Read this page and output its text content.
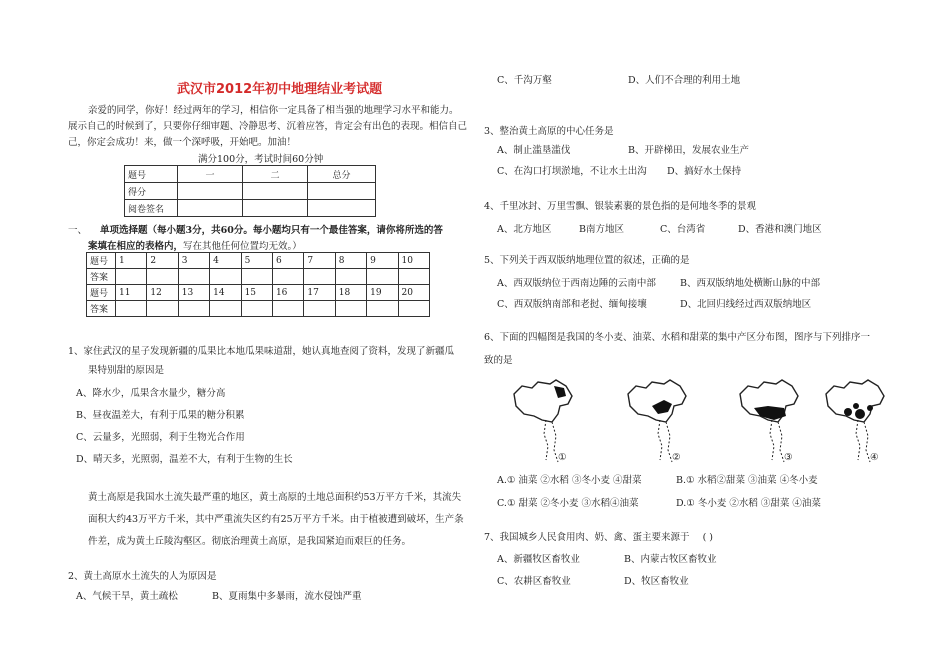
武汉市2012年初中地理结业考试题
亲爱的同学，你好！经过两年的学习，相信你一定具备了相当强的地理学习水平和能力。
展示自己的时候到了，只要你仔细审题、冷静思考、沉着应答，肯定会有出色的表现。相信自己
己，你定会成功！来，做一个深呼吸，开始吧。加油！
满分100分，考试时间60分钟
题号	一	二	总分
得分			
阅卷签名			
一、 单项选择题（每小题3分，共60分。每小题均只有一个最佳答案，请你将所选的答
案填在相应的表格内，写在其他任何位置均无效。）
题号	1	2	3	4	5	6	7	8	9	10
答案										
题号	11	12	13	14	15	16	17	18	19	20
答案										
1、家住武汉的星子发现新疆的瓜果比本地瓜果味道甜，她认真地查阅了资料，发现了新疆瓜
果特别甜的原因是
A、降水少，瓜果含水量少，糖分高
B、昼夜温差大，有利于瓜果的糖分积累
C、云量多，光照弱，利于生物光合作用
D、晴天多，光照弱，温差不大，有利于生物的生长
黄土高原是我国水土流失最严重的地区，黄土高原的土地总面积约53万平方千米，其流失
面积大约43万平方千米，其中严重流失区约有25万平方千米。由于植被遭到破坏，生产条
件差，成为黄土丘陵沟壑区。彻底治理黄土高原，是我国紧迫而艰巨的任务。
2、黄土高原水土流失的人为原因是
A、气候干旱，黄土疏松	B、夏雨集中多暴雨，流水侵蚀严重
C、千沟万壑	D、人们不合理的利用土地
3、整治黄土高原的中心任务是
A、制止滥垦滥伐	B、开辟梯田，发展农业生产
C、在沟口打坝淤地，不让水土出沟 D、搞好水土保持
4、千里冰封、万里雪飘、银装素裹的景色指的是何地冬季的景观
A、北方地区	B南方地区	C、台湾省	D、香港和澳门地区
5、下列关于西双版纳地理位置的叙述，正确的是
A、西双版纳位于西南边陲的云南中部	B、西双版纳地处横断山脉的中部
C、西双版纳南部和老挝、缅甸接壤	D、北回归线经过西双版纳地区
6、下面的四幅图是我国的冬小麦、油菜、水稻和甜菜的集中产区分布图，图序与下列排序一
致的是
①	②	③	④
A.① 油菜 ②水稻 ③冬小麦 ④甜菜	B.① 水稻②甜菜 ③油菜 ④冬小麦
C.① 甜菜 ②冬小麦 ③水稻④油菜	D.① 冬小麦 ②水稻 ③甜菜 ④油菜
7、我国城乡人民食用肉、奶、禽、蛋主要来源于 ( )
A、新疆牧区畜牧业	B、内蒙古牧区畜牧业
C、农耕区畜牧业	D、牧区畜牧业
